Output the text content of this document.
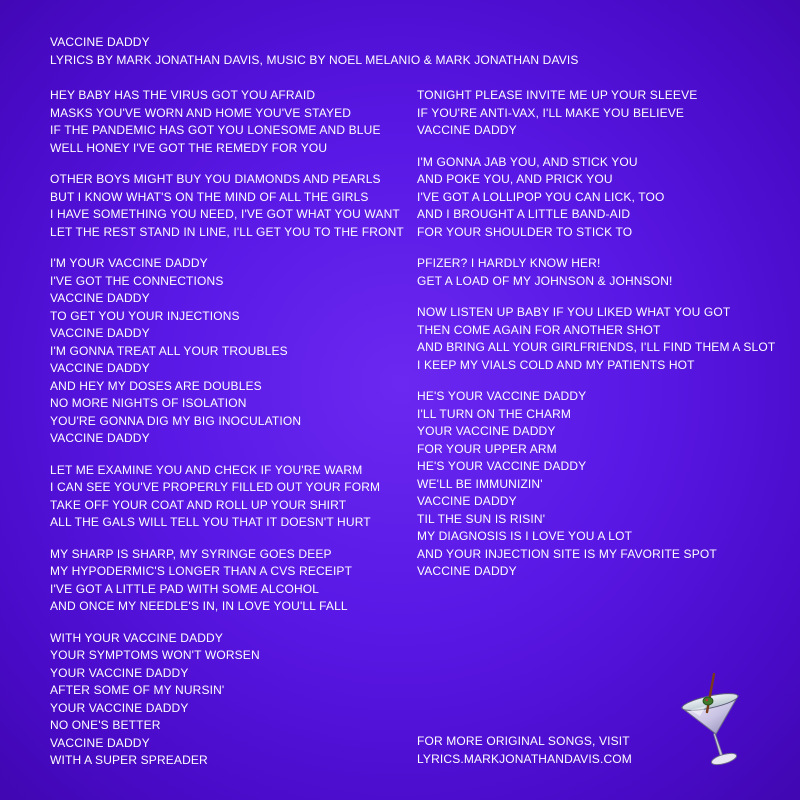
VACCINE DADDY
LYRICS BY MARK JONATHAN DAVIS, MUSIC BY NOEL MELANIO & MARK JONATHAN DAVIS
HEY BABY HAS THE VIRUS GOT YOU AFRAID
MASKS YOU'VE WORN AND HOME YOU'VE STAYED
IF THE PANDEMIC HAS GOT YOU LONESOME AND BLUE
WELL HONEY I'VE GOT THE REMEDY FOR YOU
OTHER BOYS MIGHT BUY YOU DIAMONDS AND PEARLS
BUT I KNOW WHAT'S ON THE MIND OF ALL THE GIRLS
I HAVE SOMETHING YOU NEED, I'VE GOT WHAT YOU WANT
LET THE REST STAND IN LINE, I'LL GET YOU TO THE FRONT
I'M YOUR VACCINE DADDY
I'VE GOT THE CONNECTIONS
VACCINE DADDY
TO GET YOU YOUR INJECTIONS
VACCINE DADDY
I'M GONNA TREAT ALL YOUR TROUBLES
VACCINE DADDY
AND HEY MY DOSES ARE DOUBLES
NO MORE NIGHTS OF ISOLATION
YOU'RE GONNA DIG MY BIG INOCULATION
VACCINE DADDY
LET ME EXAMINE YOU AND CHECK IF YOU'RE WARM
I CAN SEE YOU'VE PROPERLY FILLED OUT YOUR FORM
TAKE OFF YOUR COAT AND ROLL UP YOUR SHIRT
ALL THE GALS WILL TELL YOU THAT IT DOESN'T HURT
MY SHARP IS SHARP, MY SYRINGE GOES DEEP
MY HYPODERMIC'S LONGER THAN A CVS RECEIPT
I'VE GOT A LITTLE PAD WITH SOME ALCOHOL
AND ONCE MY NEEDLE'S IN, IN LOVE YOU'LL FALL
WITH YOUR VACCINE DADDY
YOUR SYMPTOMS WON'T WORSEN
YOUR VACCINE DADDY
AFTER SOME OF MY NURSIN'
YOUR VACCINE DADDY
NO ONE'S BETTER
VACCINE DADDY
WITH A SUPER SPREADER
TONIGHT PLEASE INVITE ME UP YOUR SLEEVE
IF YOU'RE ANTI-VAX, I'LL MAKE YOU BELIEVE
VACCINE DADDY
I'M GONNA JAB YOU, AND STICK YOU
AND POKE YOU, AND PRICK YOU
I'VE GOT A LOLLIPOP YOU CAN LICK, TOO
AND I BROUGHT A LITTLE BAND-AID
FOR YOUR SHOULDER TO STICK TO
PFIZER? I HARDLY KNOW HER!
GET A LOAD OF MY JOHNSON & JOHNSON!
NOW LISTEN UP BABY IF YOU LIKED WHAT YOU GOT
THEN COME AGAIN FOR ANOTHER SHOT
AND BRING ALL YOUR GIRLFRIENDS, I'LL FIND THEM A SLOT
I KEEP MY VIALS COLD AND MY PATIENTS HOT
HE'S YOUR VACCINE DADDY
I'LL TURN ON THE CHARM
YOUR VACCINE DADDY
FOR YOUR UPPER ARM
HE'S YOUR VACCINE DADDY
WE'LL BE IMMUNIZIN'
VACCINE DADDY
TIL THE SUN IS RISIN'
MY DIAGNOSIS IS I LOVE YOU A LOT
AND YOUR INJECTION SITE IS MY FAVORITE SPOT
VACCINE DADDY
FOR MORE ORIGINAL SONGS, VISIT
LYRICS.MARKJONATHANDAVIS.COM
